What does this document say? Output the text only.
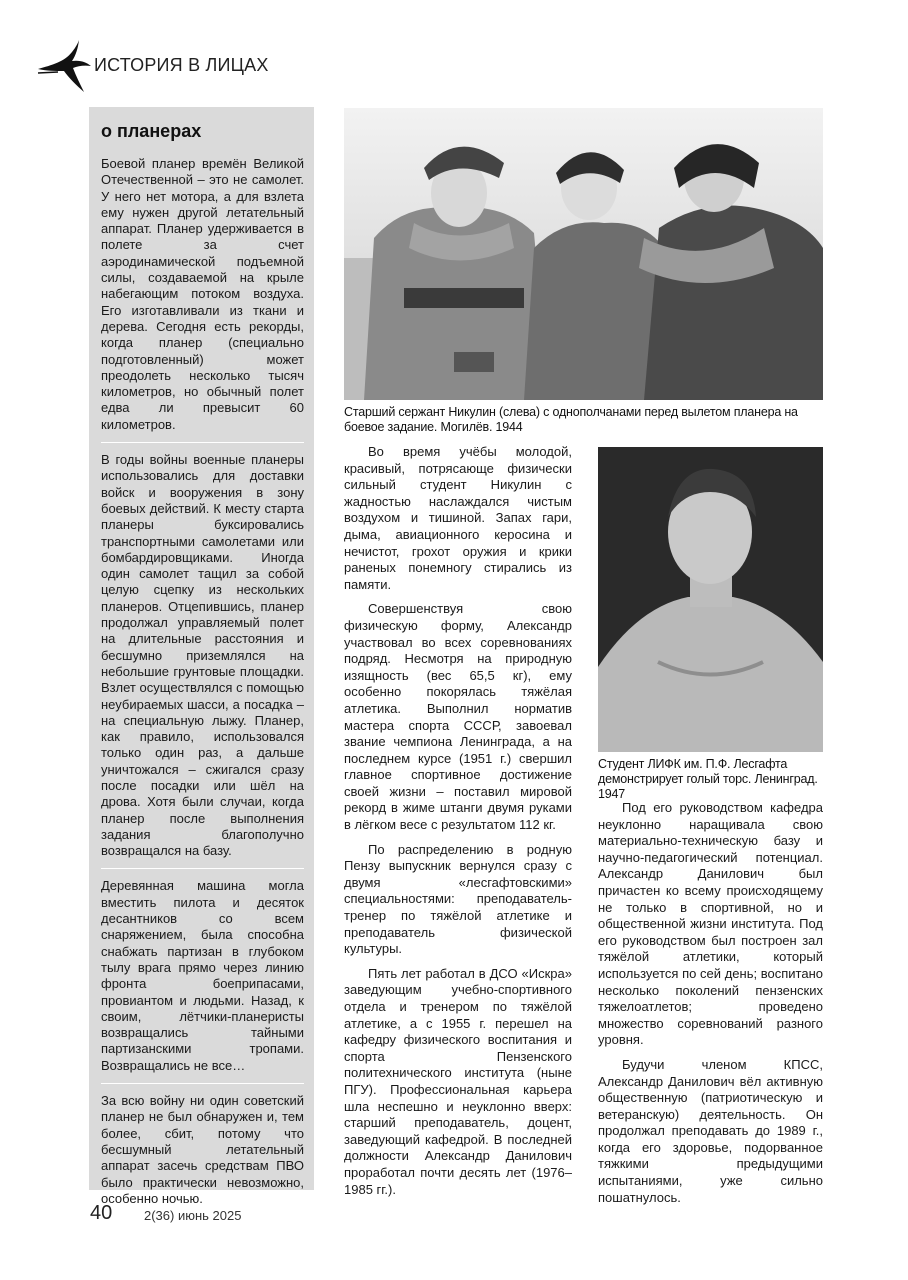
ИСТОРИЯ В ЛИЦАХ
о планерах

Боевой планер времён Великой Отечественной – это не самолет. У него нет мотора, а для взлета ему нужен другой летательный аппарат. Планер удерживается в полете за счет аэродинамической подъемной силы, создаваемой на крыле набегающим потоком воздуха. Его изготавливали из ткани и дерева. Сегодня есть рекорды, когда планер (специально подготовленный) может преодолеть несколько тысяч километров, но обычный полет едва ли превысит 60 километров.

В годы войны военные планеры использовались для доставки войск и вооружения в зону боевых действий. К месту старта планеры буксировались транспортными самолетами или бомбардировщиками. Иногда один самолет тащил за собой целую сцепку из нескольких планеров. Отцепившись, планер продолжал управляемый полет на длительные расстояния и бесшумно приземлялся на небольшие грунтовые площадки. Взлет осуществлялся с помощью неубираемых шасси, а посадка – на специальную лыжу. Планер, как правило, использовался только один раз, а дальше уничтожался – сжигался сразу после посадки или шёл на дрова. Хотя были случаи, когда планер после выполнения задания благополучно возвращался на базу.

Деревянная машина могла вместить пилота и десяток десантников со всем снаряжением, была способна снабжать партизан в глубоком тылу врага прямо через линию фронта боеприпасами, провиантом и людьми. Назад, к своим, лётчики-планеристы возвращались тайными партизанскими тропами. Возвращались не все…

За всю войну ни один советский планер не был обнаружен и, тем более, сбит, потому что бесшумный летательный аппарат засечь средствам ПВО было практически невозможно, особенно ночью.

Старший сержант Никулин (слева) с однополчанами перед вылетом планера на боевое задание. Могилёв. 1944

Во время учёбы молодой, красивый, потрясающе физически сильный студент Никулин с жадностью наслаждался чистым воздухом и тишиной. Запах гари, дыма, авиационного керосина и нечистот, грохот оружия и крики раненых понемногу стирались из памяти.

Совершенствуя свою физическую форму, Александр участвовал во всех соревнованиях подряд. Несмотря на природную изящность (вес 65,5 кг), ему особенно покорялась тяжёлая атлетика. Выполнил норматив мастера спорта СССР, завоевал звание чемпиона Ленинграда, а на последнем курсе (1951 г.) свершил главное спортивное достижение своей жизни – поставил мировой рекорд в жиме штанги двумя руками в лёгком весе с результатом 112 кг.

По распределению в родную Пензу выпускник вернулся сразу с двумя «лесгафтовскими» специальностями: преподаватель-тренер по тяжёлой атлетике и преподаватель физической культуры.

Пять лет работал в ДСО «Искра» заведующим учебно-спортивного отдела и тренером по тяжёлой атлетике, а с 1955 г. перешел на кафедру физического воспитания и спорта Пензенского политехнического института (ныне ПГУ). Профессиональная карьера шла неспешно и неуклонно вверх: старший преподаватель, доцент, заведующий кафедрой. В последней должности Александр Данилович проработал почти десять лет (1976–1985 гг.).

Студент ЛИФК им. П.Ф. Лесгафта демонстрирует голый торс. Ленинград. 1947

Под его руководством кафедра неуклонно наращивала свою материально-техническую базу и научно-педагогический потенциал. Александр Данилович был причастен ко всему происходящему не только в спортивной, но и общественной жизни института. Под его руководством был построен зал тяжёлой атлетики, который используется по сей день; воспитано несколько поколений пензенских тяжелоатлетов; проведено множество соревнований разного уровня.

Будучи членом КПСС, Александр Данилович вёл активную общественную (патриотическую и ветеранскую) деятельность. Он продолжал преподавать до 1989 г., когда его здоровье, подорванное тяжкими предыдущими испытаниями, уже сильно пошатнулось.

40 2(36) июнь 2025
